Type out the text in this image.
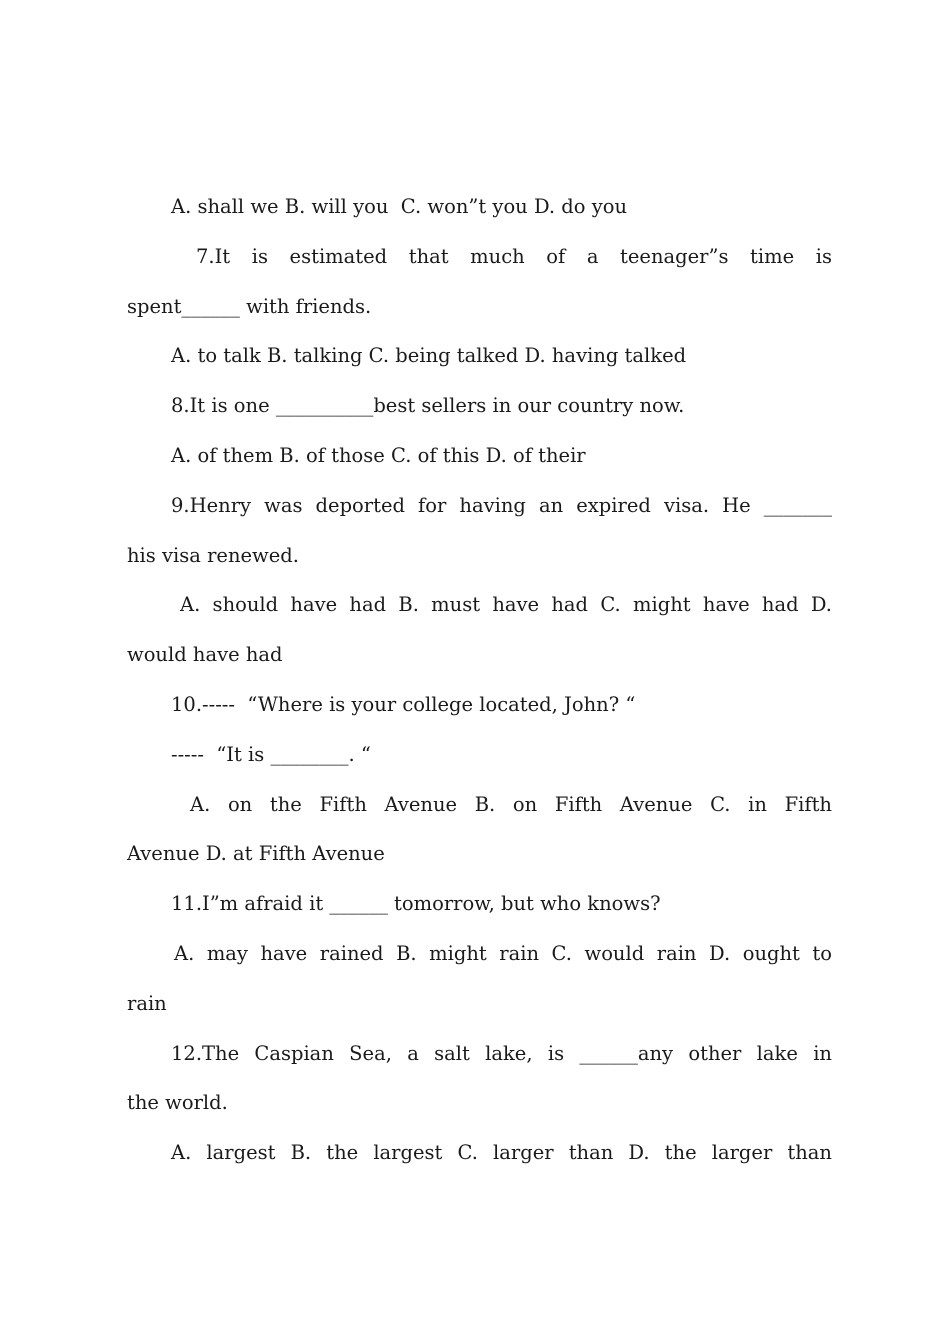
A. shall we B. will you  C. won”t you D. do you
7.It is estimated that much of a teenager”s time is
spent______ with friends.
A. to talk B. talking C. being talked D. having talked
8.It is one __________best sellers in our country now.
A. of them B. of those C. of this D. of their
9.Henry was deported for having an expired visa. He _______
his visa renewed.
A. should have had B. must have had C. might have had D.
would have had
10.-----  “Where is your college located, John? “
-----  “It is ________. “
A. on the Fifth Avenue B. on Fifth Avenue C. in Fifth
Avenue D. at Fifth Avenue
11.I”m afraid it ______ tomorrow, but who knows?
A. may have rained B. might rain C. would rain D. ought to
rain
12.The Caspian Sea, a salt lake, is ______any other lake in
the world.
A. largest B. the largest C. larger than D. the larger than
